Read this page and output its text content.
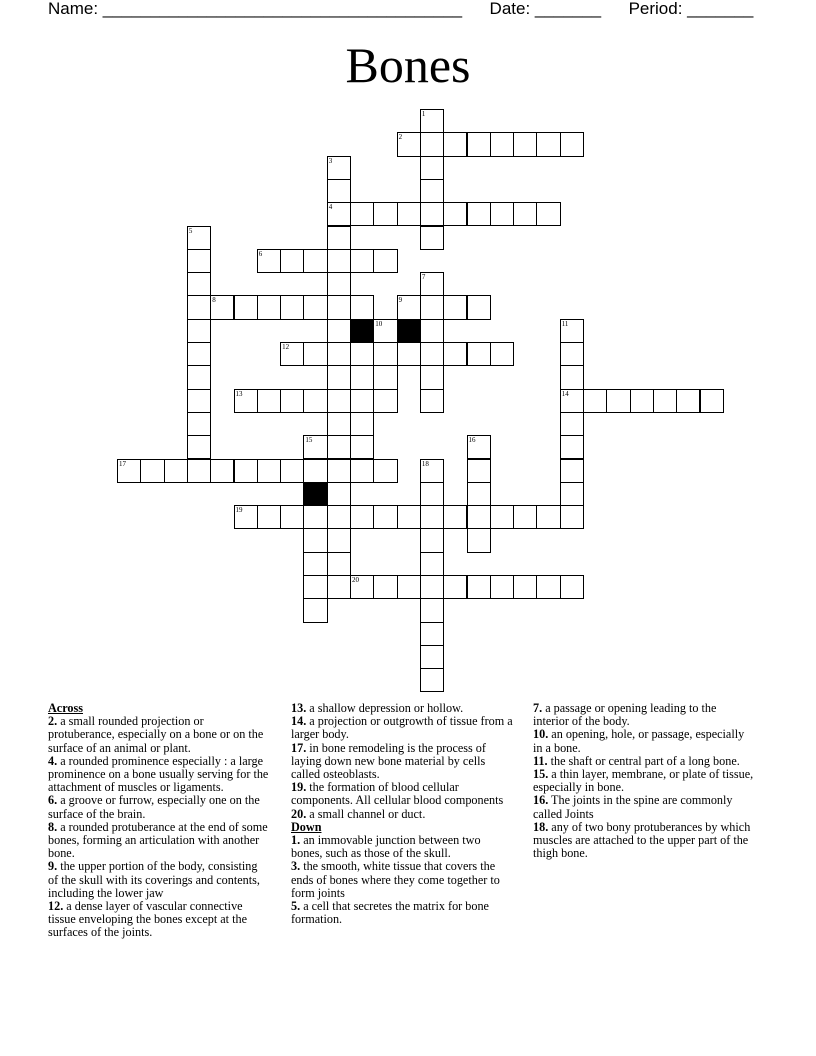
Name: ______________________________________ Date: _______ Period: _______
Bones
1
2
3
4
5
6
7
8	9
10	11
12
13	14
15	16
17	18
19
20
Across
2. a small rounded projection or protuberance, especially on a bone or on the surface of an animal or plant.
4. a rounded prominence especially : a large prominence on a bone usually serving for the attachment of muscles or ligaments.
6. a groove or furrow, especially one on the surface of the brain.
8. a rounded protuberance at the end of some bones, forming an articulation with another bone.
9. the upper portion of the body, consisting of the skull with its coverings and contents, including the lower jaw
12. a dense layer of vascular connective tissue enveloping the bones except at the surfaces of the joints.
13. a shallow depression or hollow.
14. a projection or outgrowth of tissue from a larger body.
17. in bone remodeling is the process of laying down new bone material by cells called osteoblasts.
19. the formation of blood cellular components. All cellular blood components
20. a small channel or duct.
Down
1. an immovable junction between two bones, such as those of the skull.
3. the smooth, white tissue that covers the ends of bones where they come together to form joints
5. a cell that secretes the matrix for bone formation.
7. a passage or opening leading to the interior of the body.
10. an opening, hole, or passage, especially in a bone.
11. the shaft or central part of a long bone.
15. a thin layer, membrane, or plate of tissue, especially in bone.
16. The joints in the spine are commonly called Joints
18. any of two bony protuberances by which muscles are attached to the upper part of the thigh bone.
